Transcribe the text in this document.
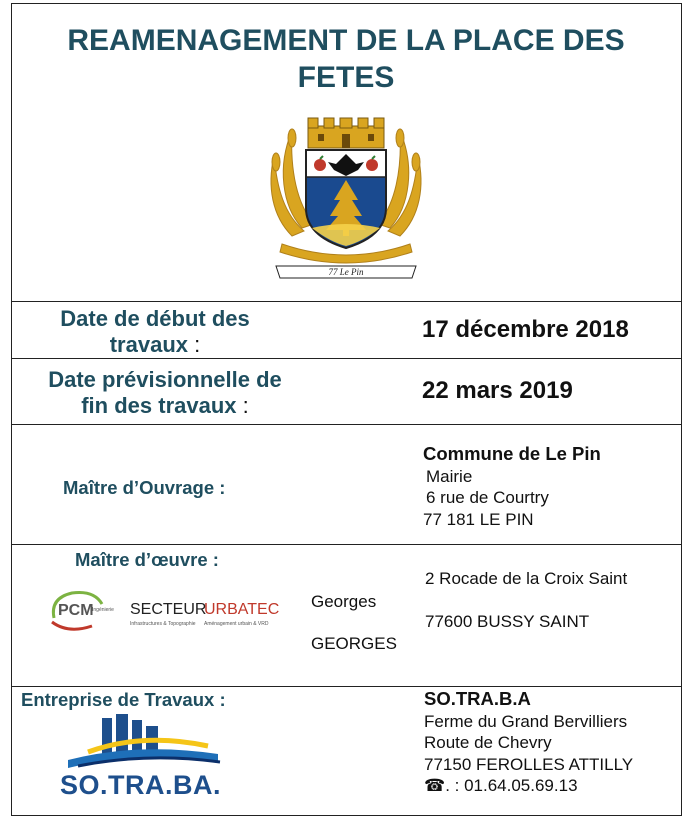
REAMENAGEMENT DE LA PLACE DES FETES
77 Le Pin
Date de début des
travaux :
17 décembre 2018
Date prévisionnelle de
fin des travaux :
22 mars 2019
Maître d’Ouvrage :
Commune de Le Pin
Mairie
6 rue de Courtry
77 181 LE PIN
Maître d’œuvre :
PCM
Ingénierie SECTEUR
Infrastructures & Topographie
URBATEC
Aménagement urbain & VRD
Georges
GEORGES
2 Rocade de la Croix Saint
77600 BUSSY SAINT
Entreprise de Travaux :
SO.TRA.BA.
SO.TRA.B.A
Ferme du Grand Bervilliers
Route de Chevry
77150 FEROLLES ATTILLY
☎. : 01.64.05.69.13
